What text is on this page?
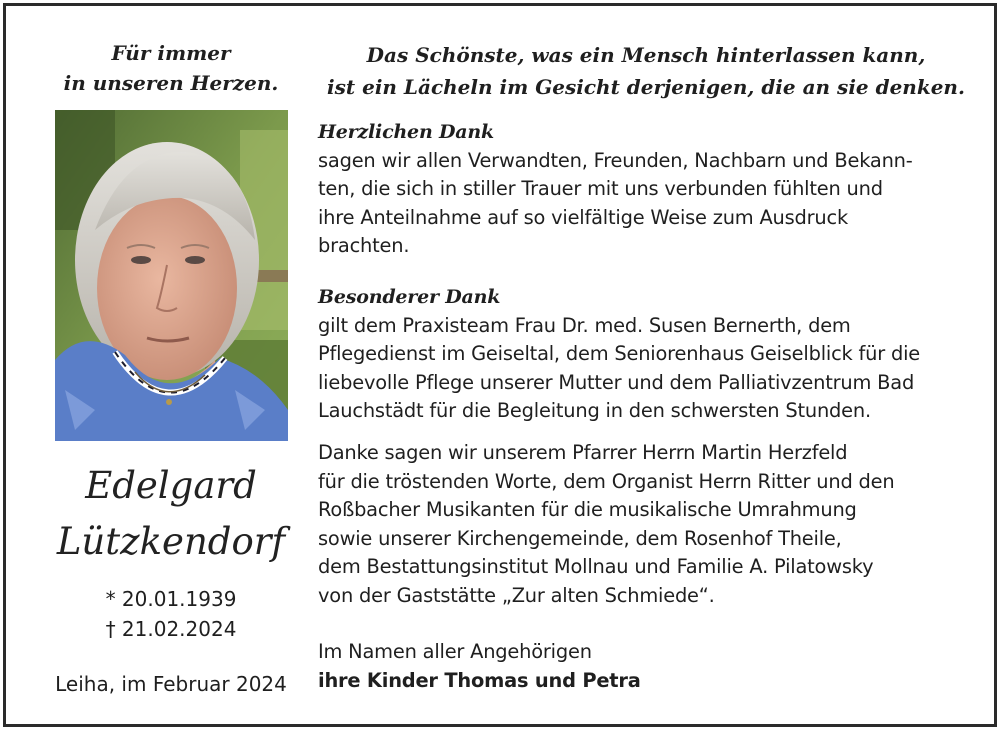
Für immer
in unseren Herzen.
Edelgard
Lützkendorf
* 20.01.1939
† 21.02.2024
Leiha, im Februar 2024
Das Schönste, was ein Mensch hinterlassen kann,
ist ein Lächeln im Gesicht derjenigen, die an sie denken.
Herzlichen Dank
sagen wir allen Verwandten, Freunden, Nachbarn und Bekann-
ten, die sich in stiller Trauer mit uns verbunden fühlten und
ihre Anteilnahme auf so vielfältige Weise zum Ausdruck
brachten.
Besonderer Dank
gilt dem Praxisteam Frau Dr. med. Susen Bernerth, dem
Pflegedienst im Geiseltal, dem Seniorenhaus Geiselblick für die
liebevolle Pflege unserer Mutter und dem Palliativzentrum Bad
Lauchstädt für die Begleitung in den schwersten Stunden.
Danke sagen wir unserem Pfarrer Herrn Martin Herzfeld
für die tröstenden Worte, dem Organist Herrn Ritter und den
Roßbacher Musikanten für die musikalische Umrahmung
sowie unserer Kirchengemeinde, dem Rosenhof Theile,
dem Bestattungsinstitut Mollnau und Familie A. Pilatowsky
von der Gaststätte „Zur alten Schmiede“.
Im Namen aller Angehörigen
ihre Kinder Thomas und Petra
